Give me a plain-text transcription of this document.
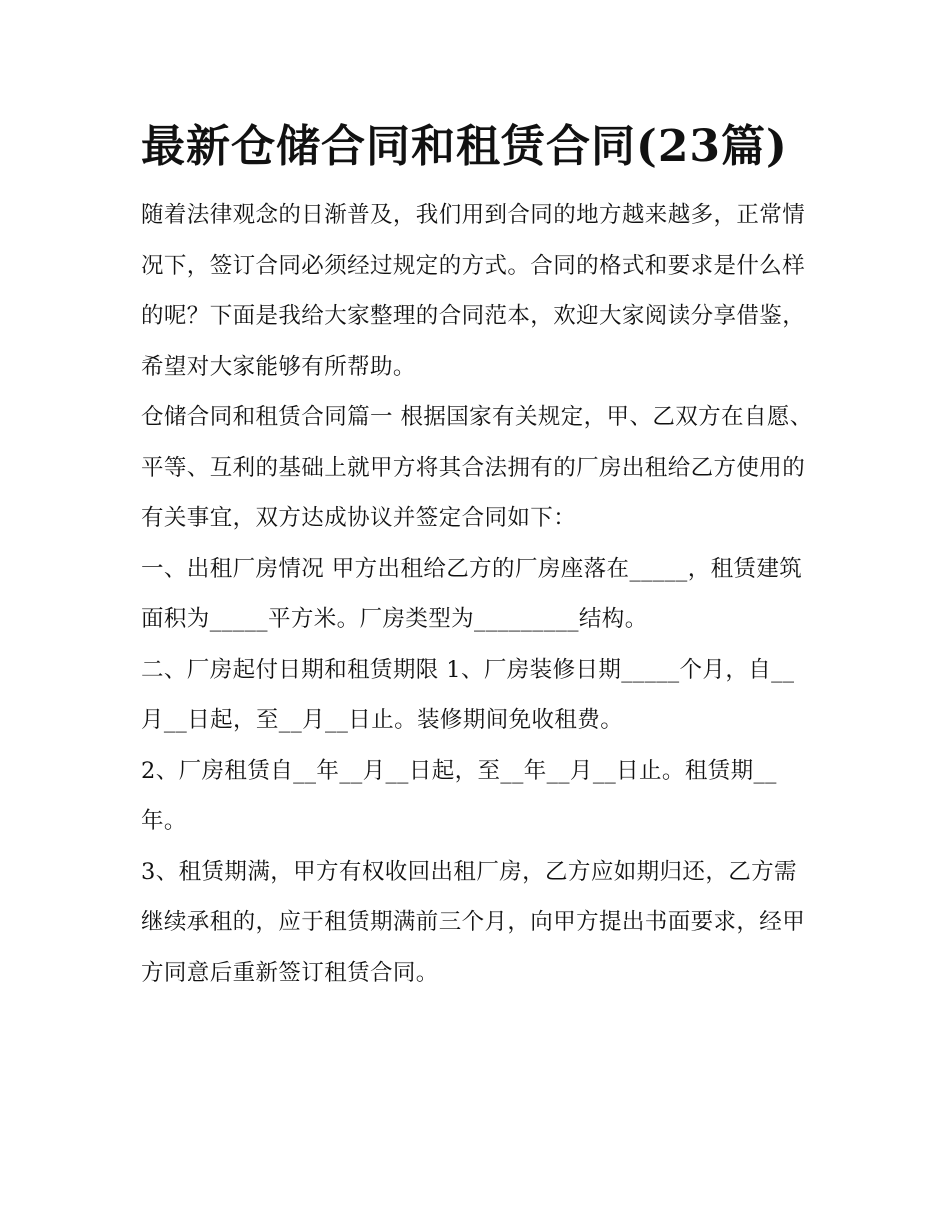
最新仓储合同和租赁合同(23篇)

随着法律观念的日渐普及，我们用到合同的地方越来越多，正常情况下，签订合同必须经过规定的方式。合同的格式和要求是什么样的呢？下面是我给大家整理的合同范本，欢迎大家阅读分享借鉴，希望对大家能够有所帮助。

仓储合同和租赁合同篇一 根据国家有关规定，甲、乙双方在自愿、平等、互利的基础上就甲方将其合法拥有的厂房出租给乙方使用的有关事宜，双方达成协议并签定合同如下：

一、出租厂房情况 甲方出租给乙方的厂房座落在_____，租赁建筑面积为_____平方米。厂房类型为_________结构。

二、厂房起付日期和租赁期限 1、厂房装修日期_____个月，自__月__日起，至__月__日止。装修期间免收租费。

2、厂房租赁自__年__月__日起，至__年__月__日止。租赁期__年。

3、租赁期满，甲方有权收回出租厂房，乙方应如期归还，乙方需继续承租的，应于租赁期满前三个月，向甲方提出书面要求，经甲方同意后重新签订租赁合同。
